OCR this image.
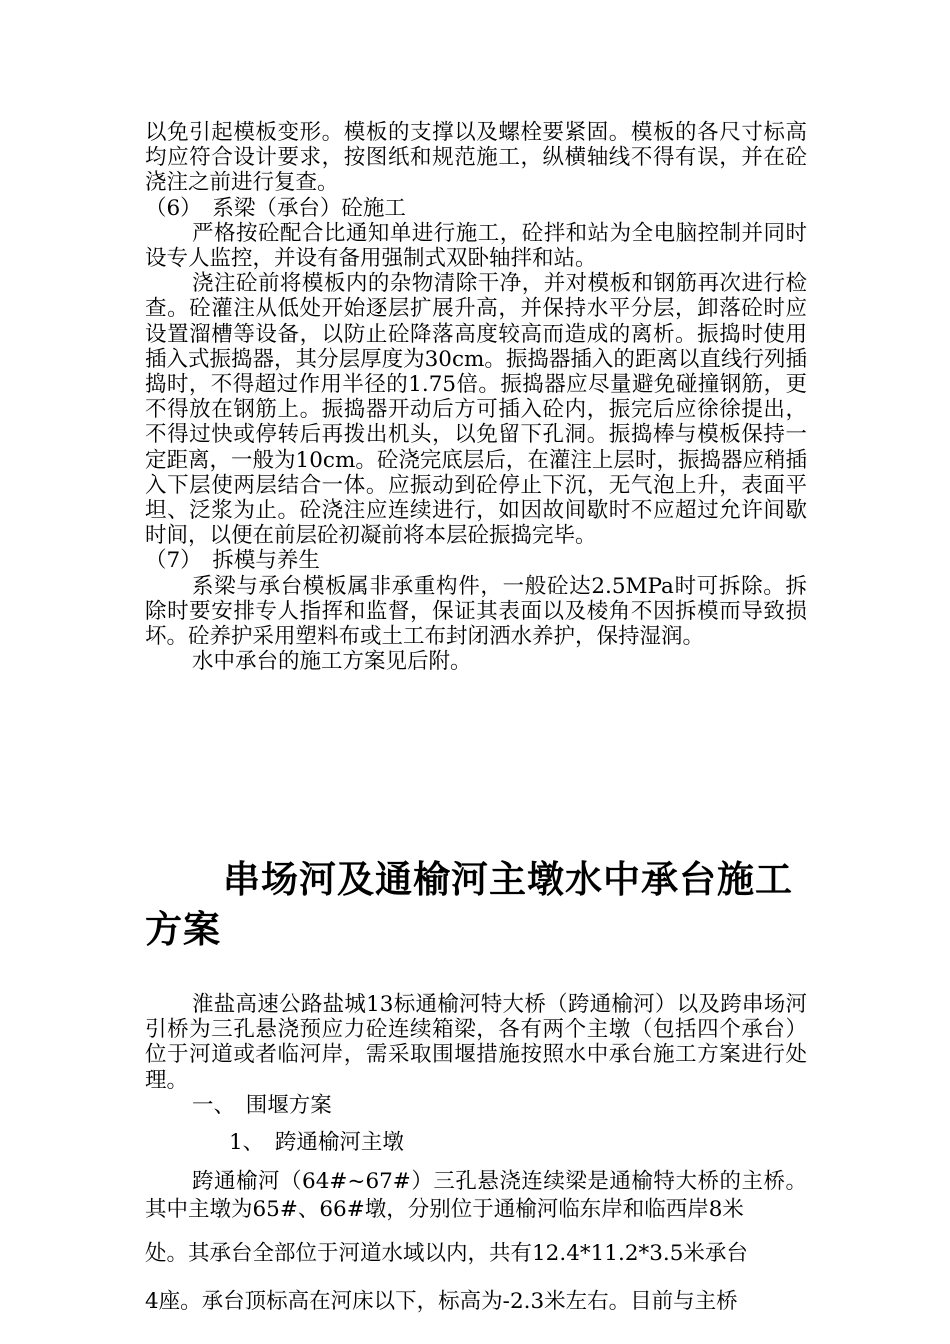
以免引起模板变形。模板的支撑以及螺栓要紧固。模板的各尺寸标高均应符合设计要求，按图纸和规范施工，纵横轴线不得有误，并在砼浇注之前进行复查。

（6）　系梁（承台）砼施工

严格按砼配合比通知单进行施工，砼拌和站为全电脑控制并同时设专人监控，并设有备用强制式双卧轴拌和站。

浇注砼前将模板内的杂物清除干净，并对模板和钢筋再次进行检查。砼灌注从低处开始逐层扩展升高，并保持水平分层，卸落砼时应设置溜槽等设备，以防止砼降落高度较高而造成的离析。振捣时使用插入式振捣器，其分层厚度为30cm。振捣器插入的距离以直线行列插捣时，不得超过作用半径的1.75倍。振捣器应尽量避免碰撞钢筋，更不得放在钢筋上。振捣器开动后方可插入砼内，振完后应徐徐提出，不得过快或停转后再拨出机头，以免留下孔洞。振捣棒与模板保持一定距离，一般为10cm。砼浇完底层后，在灌注上层时，振捣器应稍插入下层使两层结合一体。应振动到砼停止下沉，无气泡上升，表面平坦、泛浆为止。砼浇注应连续进行，如因故间歇时不应超过允许间歇时间，以便在前层砼初凝前将本层砼振捣完毕。

（7）　拆模与养生

系梁与承台模板属非承重构件，一般砼达2.5MPa时可拆除。拆除时要安排专人指挥和监督，保证其表面以及棱角不因拆模而导致损坏。砼养护采用塑料布或土工布封闭洒水养护，保持湿润。

水中承台的施工方案见后附。

串场河及通榆河主墩水中承台施工方案

淮盐高速公路盐城13标通榆河特大桥（跨通榆河）以及跨串场河引桥为三孔悬浇预应力砼连续箱梁，各有两个主墩（包括四个承台）位于河道或者临河岸，需采取围堰措施按照水中承台施工方案进行处理。

一、　围堰方案

1、　跨通榆河主墩

跨通榆河（64#~67#）三孔悬浇连续梁是通榆特大桥的主桥。其中主墩为65#、66#墩，分别位于通榆河临东岸和临西岸8米

处。其承台全部位于河道水域以内，共有12.4*11.2*3.5米承台

4座。承台顶标高在河床以下，标高为-2.3米左右。目前与主桥
